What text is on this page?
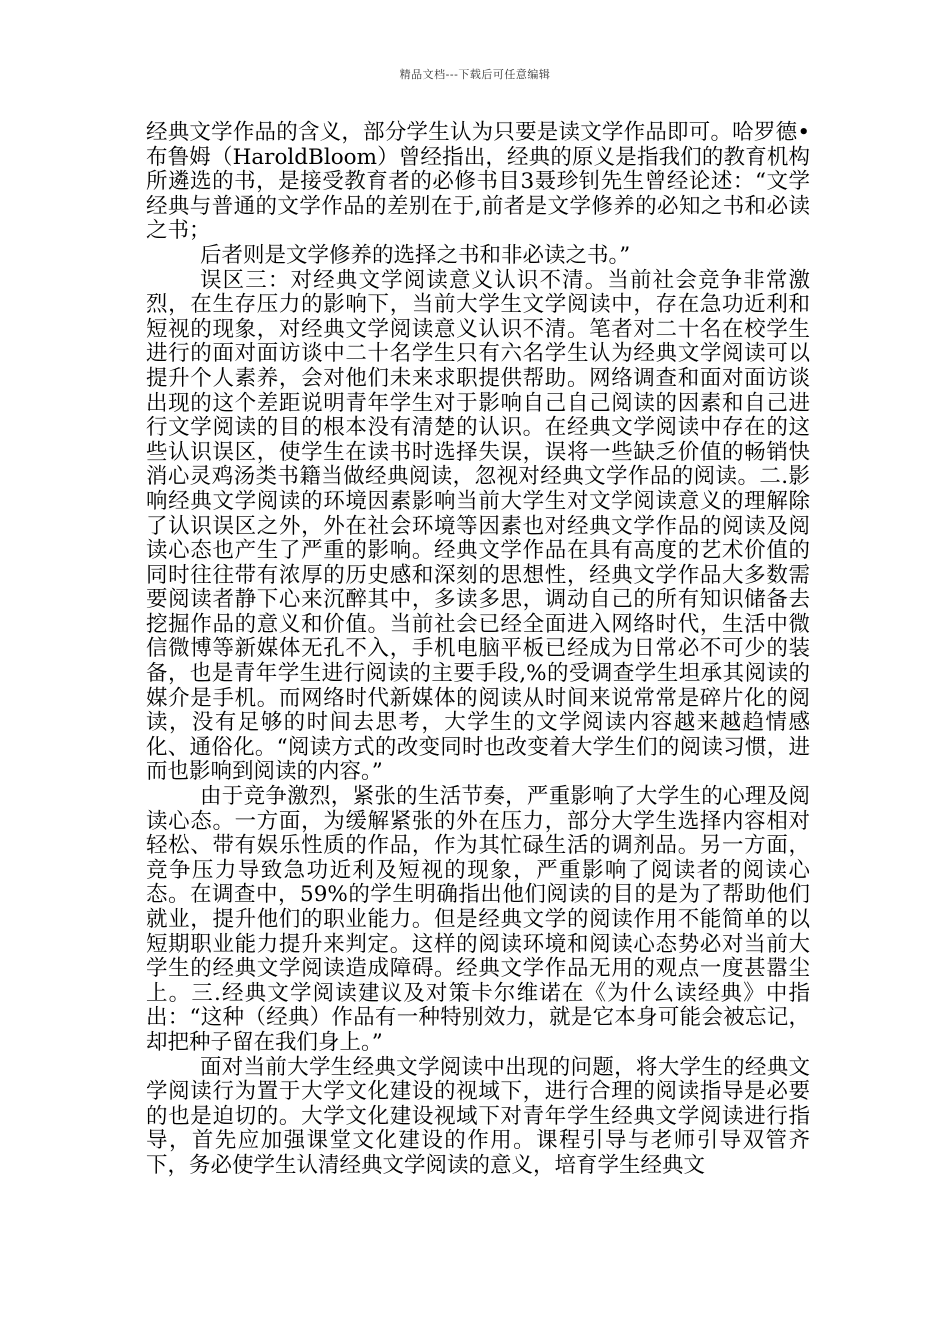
精品文档---下载后可任意编辑

经典文学作品的含义，部分学生认为只要是读文学作品即可。哈罗德•布鲁姆（HaroldBloom）曾经指出，经典的原义是指我们的教育机构所遴选的书，是接受教育者的必修书目3聂珍钊先生曾经论述：“文学经典与普通的文学作品的差别在于,前者是文学修养的必知之书和必读之书；

后者则是文学修养的选择之书和非必读之书。”

误区三：对经典文学阅读意义认识不清。当前社会竞争非常激烈，在生存压力的影响下，当前大学生文学阅读中，存在急功近利和短视的现象，对经典文学阅读意义认识不清。笔者对二十名在校学生进行的面对面访谈中二十名学生只有六名学生认为经典文学阅读可以提升个人素养，会对他们未来求职提供帮助。网络调查和面对面访谈出现的这个差距说明青年学生对于影响自己自己阅读的因素和自己进行文学阅读的目的根本没有清楚的认识。在经典文学阅读中存在的这些认识误区，使学生在读书时选择失误，误将一些缺乏价值的畅销快消心灵鸡汤类书籍当做经典阅读，忽视对经典文学作品的阅读。二.影响经典文学阅读的环境因素影响当前大学生对文学阅读意义的理解除了认识误区之外，外在社会环境等因素也对经典文学作品的阅读及阅读心态也产生了严重的影响。经典文学作品在具有高度的艺术价值的同时往往带有浓厚的历史感和深刻的思想性，经典文学作品大多数需要阅读者静下心来沉醉其中，多读多思，调动自己的所有知识储备去挖掘作品的意义和价值。当前社会已经全面进入网络时代，生活中微信微博等新媒体无孔不入，手机电脑平板已经成为日常必不可少的装备，也是青年学生进行阅读的主要手段,%的受调查学生坦承其阅读的媒介是手机。而网络时代新媒体的阅读从时间来说常常是碎片化的阅读，没有足够的时间去思考，大学生的文学阅读内容越来越趋情感化、通俗化。“阅读方式的改变同时也改变着大学生们的阅读习惯，进而也影响到阅读的内容。”

由于竞争激烈，紧张的生活节奏，严重影响了大学生的心理及阅读心态。一方面，为缓解紧张的外在压力，部分大学生选择内容相对轻松、带有娱乐性质的作品，作为其忙碌生活的调剂品。另一方面，竞争压力导致急功近利及短视的现象，严重影响了阅读者的阅读心态。在调查中，59%的学生明确指出他们阅读的目的是为了帮助他们就业，提升他们的职业能力。但是经典文学的阅读作用不能简单的以短期职业能力提升来判定。这样的阅读环境和阅读心态势必对当前大学生的经典文学阅读造成障碍。经典文学作品无用的观点一度甚嚣尘上。三.经典文学阅读建议及对策卡尔维诺在《为什么读经典》中指出：“这种（经典）作品有一种特别效力，就是它本身可能会被忘记，却把种子留在我们身上。”

面对当前大学生经典文学阅读中出现的问题，将大学生的经典文学阅读行为置于大学文化建设的视域下，进行合理的阅读指导是必要的也是迫切的。大学文化建设视域下对青年学生经典文学阅读进行指导，首先应加强课堂文化建设的作用。课程引导与老师引导双管齐下，务必使学生认清经典文学阅读的意义，培育学生经典文
